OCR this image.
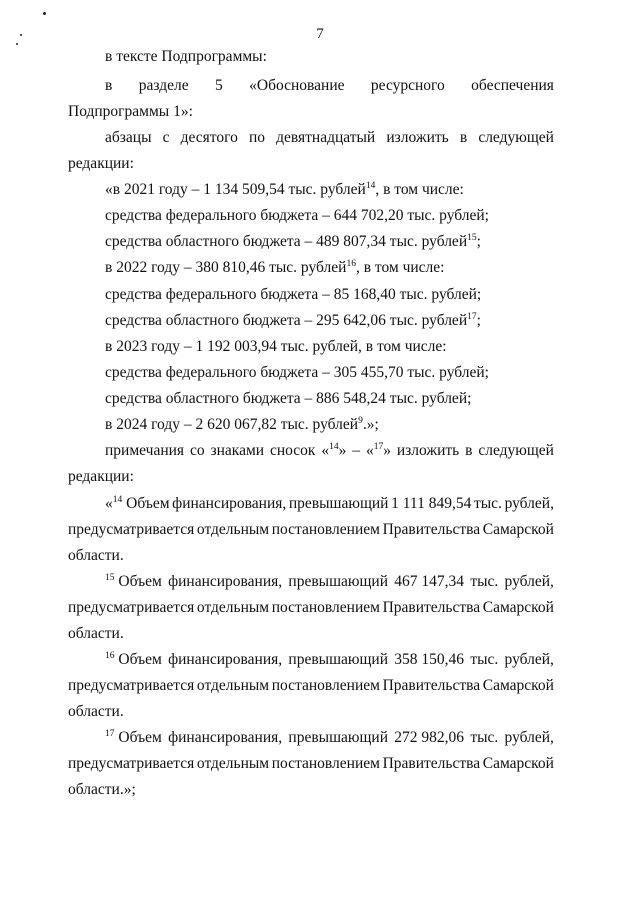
7
в тексте Подпрограммы:
в разделе 5 «Обоснование ресурсного обеспечения
Подпрограммы 1»:
абзацы с десятого по девятнадцатый изложить в следующей
редакции:
«в 2021 году – 1 134 509,54 тыс. рублей$^{14}$, в том числе:
средства федерального бюджета – 644 702,20 тыс. рублей;
средства областного бюджета – 489 807,34 тыс. рублей$^{15}$;
в 2022 году – 380 810,46 тыс. рублей$^{16}$, в том числе:
средства федерального бюджета – 85 168,40 тыс. рублей;
средства областного бюджета – 295 642,06 тыс. рублей$^{17}$;
в 2023 году – 1 192 003,94 тыс. рублей, в том числе:
средства федерального бюджета – 305 455,70 тыс. рублей;
средства областного бюджета – 886 548,24 тыс. рублей;
в 2024 году – 2 620 067,82 тыс. рублей$^9$.»;
примечания со знаками сносок «$^{14}$» – «$^{17}$» изложить в следующей
редакции:
«$^{14}$ Объем финансирования, превышающий 1 111 849,54 тыс. рублей,
предусматривается отдельным постановлением Правительства Самарской
области.
$^{15}$ Объем финансирования, превышающий 467 147,34 тыс. рублей,
предусматривается отдельным постановлением Правительства Самарской
области.
$^{16}$ Объем финансирования, превышающий 358 150,46 тыс. рублей,
предусматривается отдельным постановлением Правительства Самарской
области.
$^{17}$ Объем финансирования, превышающий 272 982,06 тыс. рублей,
предусматривается отдельным постановлением Правительства Самарской
области.»;
